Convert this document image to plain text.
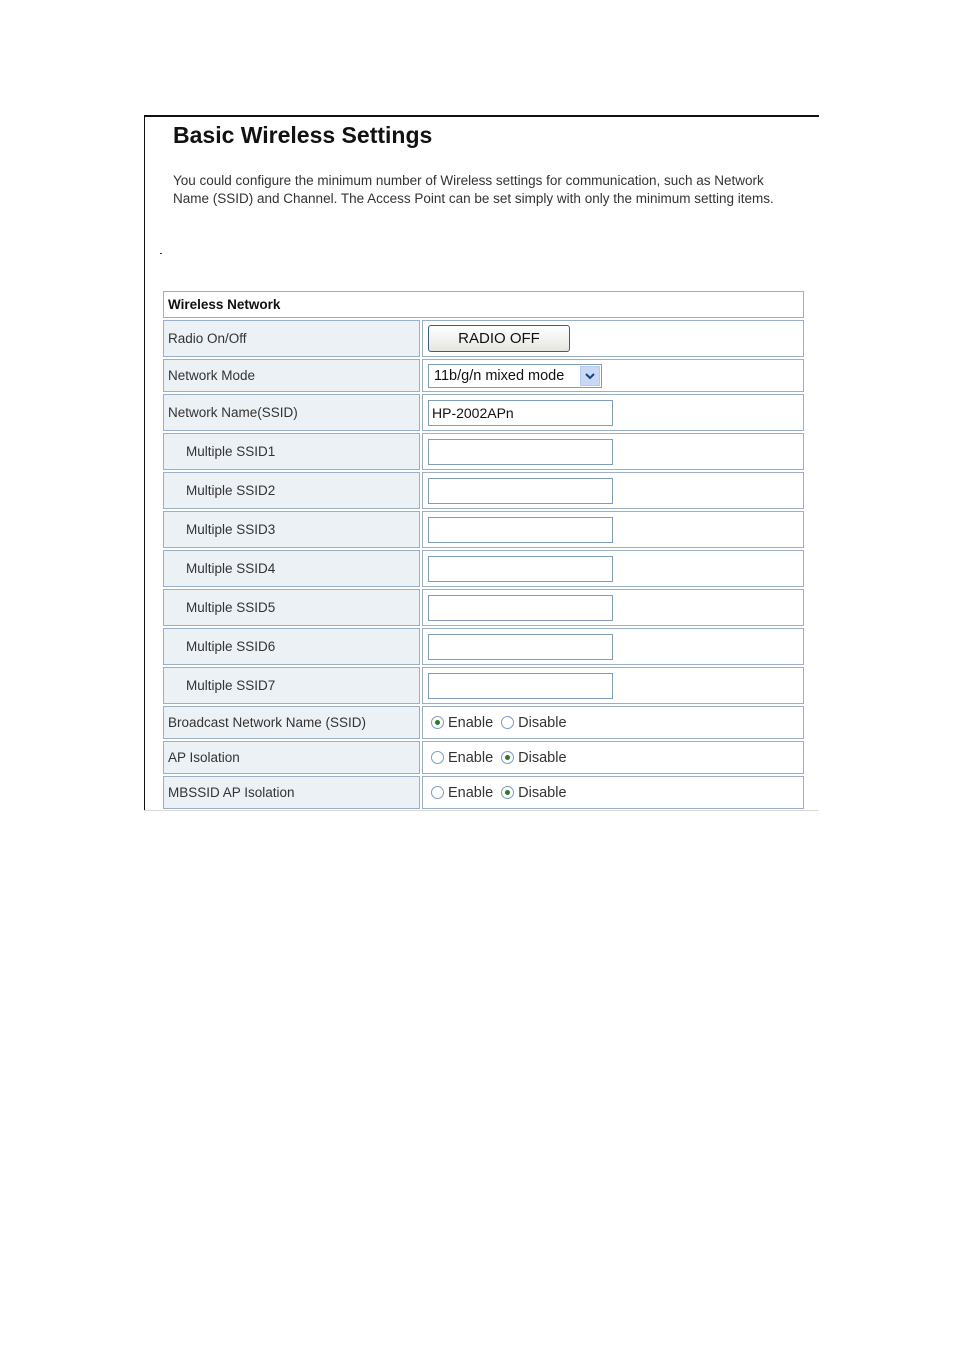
Basic Wireless Settings

You could configure the minimum number of Wireless settings for communication, such as Network Name (SSID) and Channel. The Access Point can be set simply with only the minimum setting items.

Wireless Network	
Radio On/Off	RADIO OFF
Network Mode	11b/g/n mixed mode

Network Name(SSID)	HP-2002APn
Multiple SSID1	
Multiple SSID2	
Multiple SSID3	
Multiple SSID4	
Multiple SSID5	
Multiple SSID6	
Multiple SSID7	
Broadcast Network Name (SSID)	Enable Disable

AP Isolation	Enable Disable

MBSSID AP Isolation	Enable Disable
